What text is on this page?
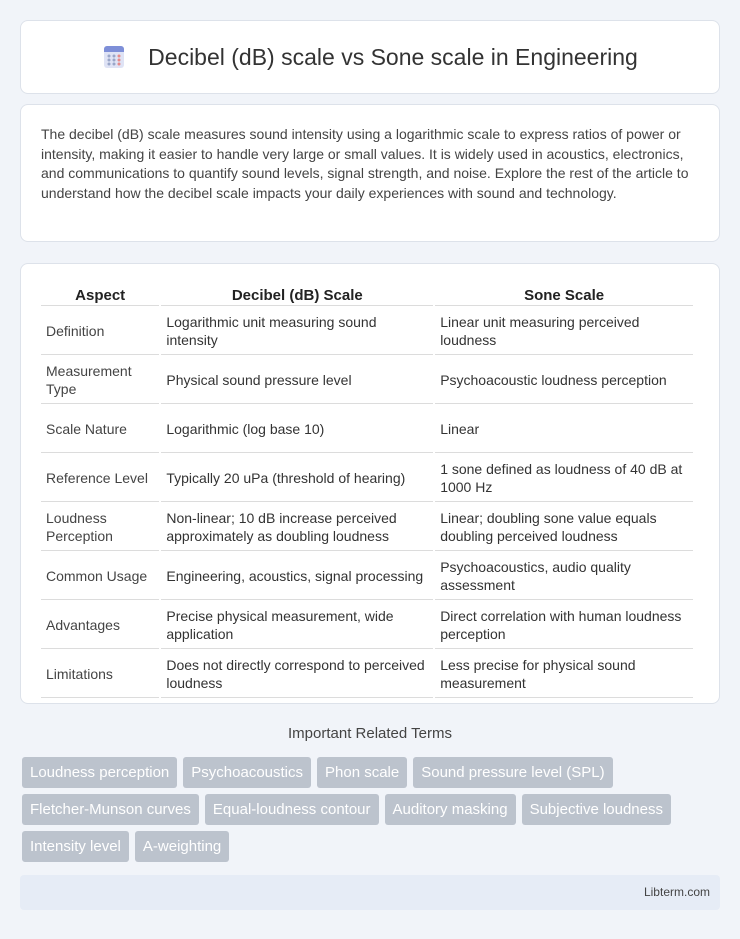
Decibel (dB) scale vs Sone scale in Engineering

The decibel (dB) scale measures sound intensity using a logarithmic scale to express ratios of power or intensity, making it easier to handle very large or small values. It is widely used in acoustics, electronics, and communications to quantify sound levels, signal strength, and noise. Explore the rest of the article to understand how the decibel scale impacts your daily experiences with sound and technology.

Aspect	Decibel (dB) Scale	Sone Scale
Definition	Logarithmic unit measuring sound intensity	Linear unit measuring perceived loudness
Measurement Type	Physical sound pressure level	Psychoacoustic loudness perception
Scale Nature	Logarithmic (log base 10)	Linear
Reference Level	Typically 20 uPa (threshold of hearing)	1 sone defined as loudness of 40 dB at 1000 Hz
Loudness Perception	Non-linear; 10 dB increase perceived approximately as doubling loudness	Linear; doubling sone value equals doubling perceived loudness
Common Usage	Engineering, acoustics, signal processing	Psychoacoustics, audio quality assessment
Advantages	Precise physical measurement, wide application	Direct correlation with human loudness perception
Limitations	Does not directly correspond to perceived loudness	Less precise for physical sound measurement
Important Related Terms
Loudness perception	Psychoacoustics	Phon scale	Sound pressure level (SPL)
Fletcher-Munson curves	Equal-loudness contour	Auditory masking	Subjective loudness
Intensity level	A-weighting
Libterm.com
